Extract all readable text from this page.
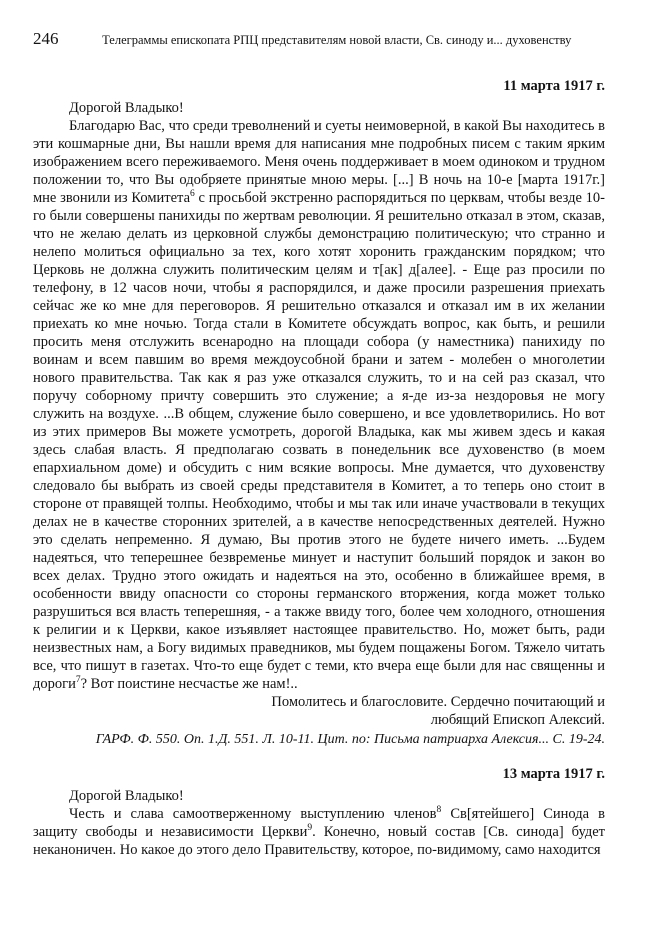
246	Телеграммы епископата РПЦ представителям новой власти, Св. синоду и... духовенству

11 марта 1917 г.

Дорогой Владыко!

Благодарю Вас, что среди треволнений и суеты неимоверной, в какой Вы находитесь в эти кошмарные дни, Вы нашли время для написания мне подробных писем с таким ярким изображением всего переживаемого. Меня очень поддерживает в моем одиноком и трудном положении то, что Вы одобряете принятые мною меры. [...] В ночь на 10-е [марта 1917г.] мне звонили из Комитета$^6$ с просьбой экстренно распорядиться по церквам, чтобы везде 10-го были совершены панихиды по жертвам революции. Я решительно отказал в этом, сказав, что не желаю делать из церковной службы демонстрацию политическую; что странно и нелепо молиться официально за тех, кого хотят хоронить гражданским порядком; что Церковь не должна служить политическим целям и т[ак] д[алее]. - Еще раз просили по телефону, в 12 часов ночи, чтобы я распорядился, и даже просили разрешения приехать сейчас же ко мне для переговоров. Я решительно отказался и отказал им в их желании приехать ко мне ночью. Тогда стали в Комитете обсуждать вопрос, как быть, и решили просить меня отслужить всенародно на площади собора (у наместника) панихиду по воинам и всем павшим во время междоусобной брани и затем - молебен о многолетии нового правительства. Так как я раз уже отказался служить, то и на сей раз сказал, что поручу соборному причту совершить это служение; а я-де из-за нездоровья не могу служить на воздухе. ...В общем, служение было совершено, и все удовлетворились. Но вот из этих примеров Вы можете усмотреть, дорогой Владыка, как мы живем здесь и какая здесь слабая власть. Я предполагаю созвать в понедельник все духовенство (в моем епархиальном доме) и обсудить с ним всякие вопросы. Мне думается, что духовенству следовало бы выбрать из своей среды представителя в Комитет, а то теперь оно стоит в стороне от правящей толпы. Необходимо, чтобы и мы так или иначе участвовали в текущих делах не в качестве сторонних зрителей, а в качестве непосредственных деятелей. Нужно это сделать непременно. Я думаю, Вы против этого не будете ничего иметь. ...Будем надеяться, что теперешнее безвременье минует и наступит больший порядок и закон во всех делах. Трудно этого ожидать и надеяться на это, особенно в ближайшее время, в особенности ввиду опасности со стороны германского вторжения, когда может только разрушиться вся власть теперешняя, - а также ввиду того, более чем холодного, отношения к религии и к Церкви, какое изъявляет настоящее правительство. Но, может быть, ради неизвестных нам, а Богу видимых праведников, мы будем пощажены Богом. Тяжело читать все, что пишут в газетах. Что-то еще будет с теми, кто вчера еще были для нас священны и дороги$^7$? Вот поистине несчастье же нам!..

Помолитесь и благословите. Сердечно почитающий и

любящий Епископ Алексий.

ГАРФ. Ф. 550. Оп. 1.Д. 551. Л. 10-11. Цит. по: Письма патриарха Алексия... С. 19-24.

13 марта 1917 г.

Дорогой Владыко!

Честь и слава самоотверженному выступлению членов$^8$ Св[ятейшего] Синода в защиту свободы и независимости Церкви$^9$. Конечно, новый состав [Св. синода] будет неканоничен. Но какое до этого дело Правительству, которое, по-видимому, само находится
